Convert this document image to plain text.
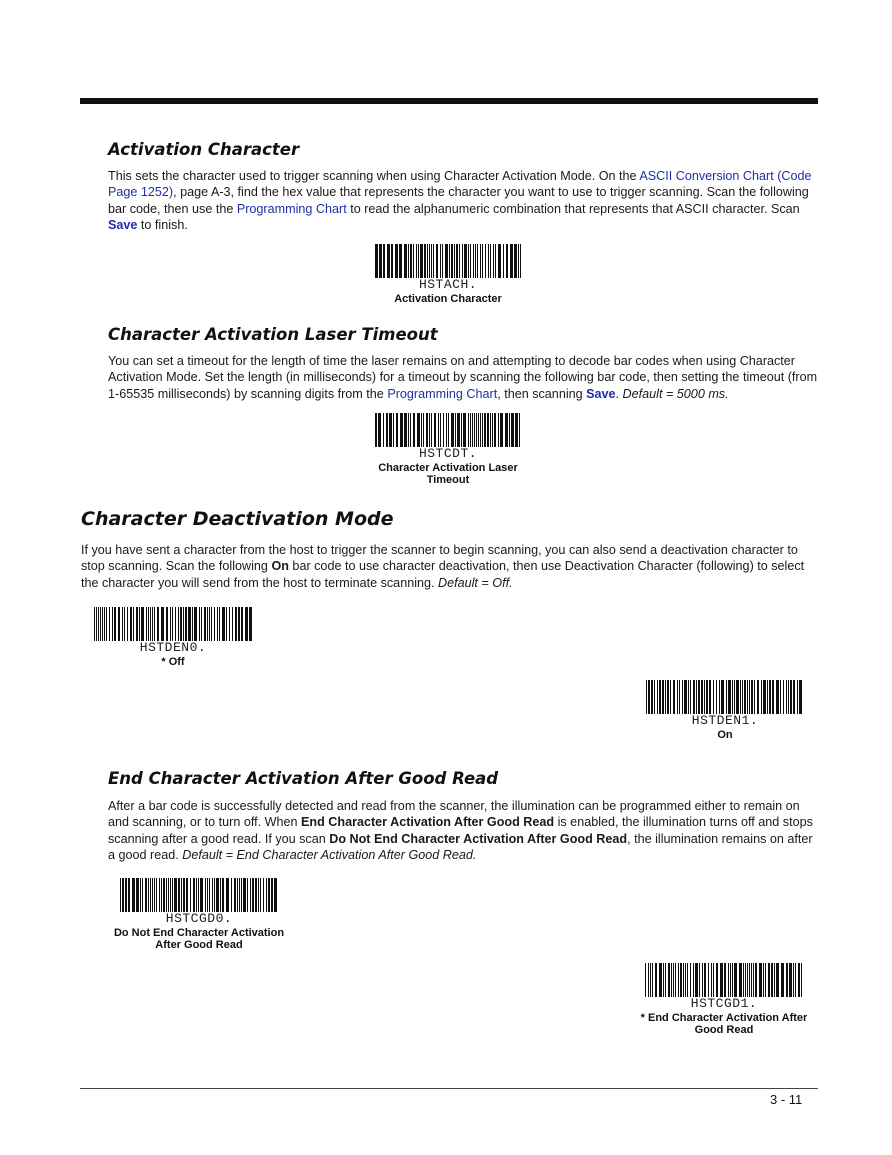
Activation Character

This sets the character used to trigger scanning when using Character Activation Mode. On the ASCII Conversion Chart (Code Page 1252), page A-3, find the hex value that represents the character you want to use to trigger scanning. Scan the following bar code, then use the Programming Chart to read the alphanumeric combination that represents that ASCII character. Scan Save to finish.

HSTACH.
Activation Character
Character Activation Laser Timeout

You can set a timeout for the length of time the laser remains on and attempting to decode bar codes when using Character Activation Mode. Set the length (in milliseconds) for a timeout by scanning the following bar code, then setting the timeout (from 1-65535 milliseconds) by scanning digits from the Programming Chart, then scanning Save. Default = 5000 ms.

HSTCDT.
Character Activation Laser
Timeout
Character Deactivation Mode

If you have sent a character from the host to trigger the scanner to begin scanning, you can also send a deactivation character to stop scanning. Scan the following On bar code to use character deactivation, then use Deactivation Character (following) to select the character you will send from the host to terminate scanning. Default = Off.

HSTDEN0.
* Off
HSTDEN1.
On
End Character Activation After Good Read

After a bar code is successfully detected and read from the scanner, the illumination can be programmed either to remain on and scanning, or to turn off. When End Character Activation After Good Read is enabled, the illumination turns off and stops scanning after a good read. If you scan Do Not End Character Activation After Good Read, the illumination remains on after a good read. Default = End Character Activation After Good Read.

HSTCGD0.
Do Not End Character Activation
After Good Read
HSTCGD1.
* End Character Activation After
Good Read
3 - 11
